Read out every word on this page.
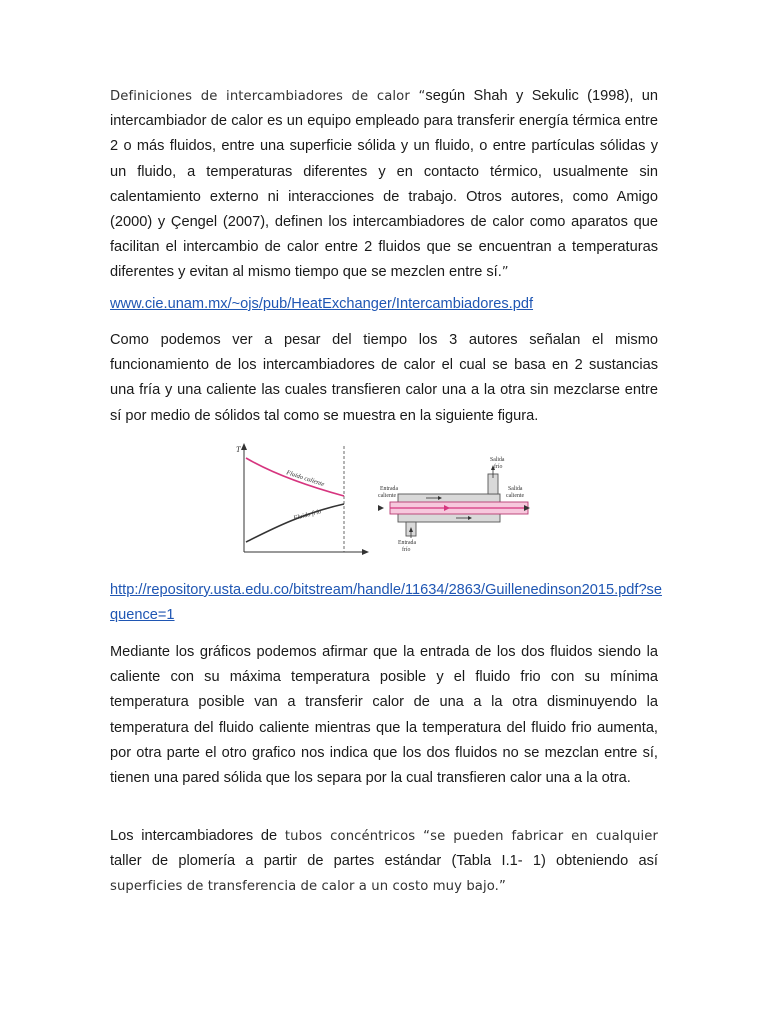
Definiciones de intercambiadores de calor “según Shah y Sekulic (1998), un intercambiador de calor es un equipo empleado para transferir energía térmica entre 2 o más fluidos, entre una superficie sólida y un fluido, o entre partículas sólidas y un fluido, a temperaturas diferentes y en contacto térmico, usualmente sin calentamiento externo ni interacciones de trabajo. Otros autores, como Amigo (2000) y Çengel (2007), definen los intercambiadores de calor como aparatos que facilitan el intercambio de calor entre 2 fluidos que se encuentran a temperaturas diferentes y evitan al mismo tiempo que se mezclen entre sí.”

www.cie.unam.mx/~ojs/pub/HeatExchanger/Intercambiadores.pdf

Como podemos ver a pesar del tiempo los 3 autores señalan el mismo funcionamiento de los intercambiadores de calor el cual se basa en 2 sustancias una fría y una caliente las cuales transfieren calor una a la otra sin mezclarse entre sí por medio de sólidos tal como se muestra en la siguiente figura.

T
Fluido caliente
Fluido frío
Entrada
caliente
Salida
frío
Salida
caliente
Entrada
frío

http://repository.usta.edu.co/bitstream/handle/11634/2863/Guillenedinson2015.pdf?sequence=1

Mediante los gráficos podemos afirmar que la entrada de los dos fluidos siendo la caliente con su máxima temperatura posible y el fluido frio con su mínima temperatura posible van a transferir calor de una a la otra disminuyendo la temperatura del fluido caliente mientras que la temperatura del fluido frio aumenta, por otra parte el otro grafico nos indica que los dos fluidos no se mezclan entre sí, tienen una pared sólida que los separa por la cual transfieren calor una a la otra.

Los intercambiadores de tubos concéntricos “se pueden fabricar en cualquier taller de plomería a partir de partes estándar (Tabla I.1- 1) obteniendo así superficies de transferencia de calor a un costo muy bajo.”
